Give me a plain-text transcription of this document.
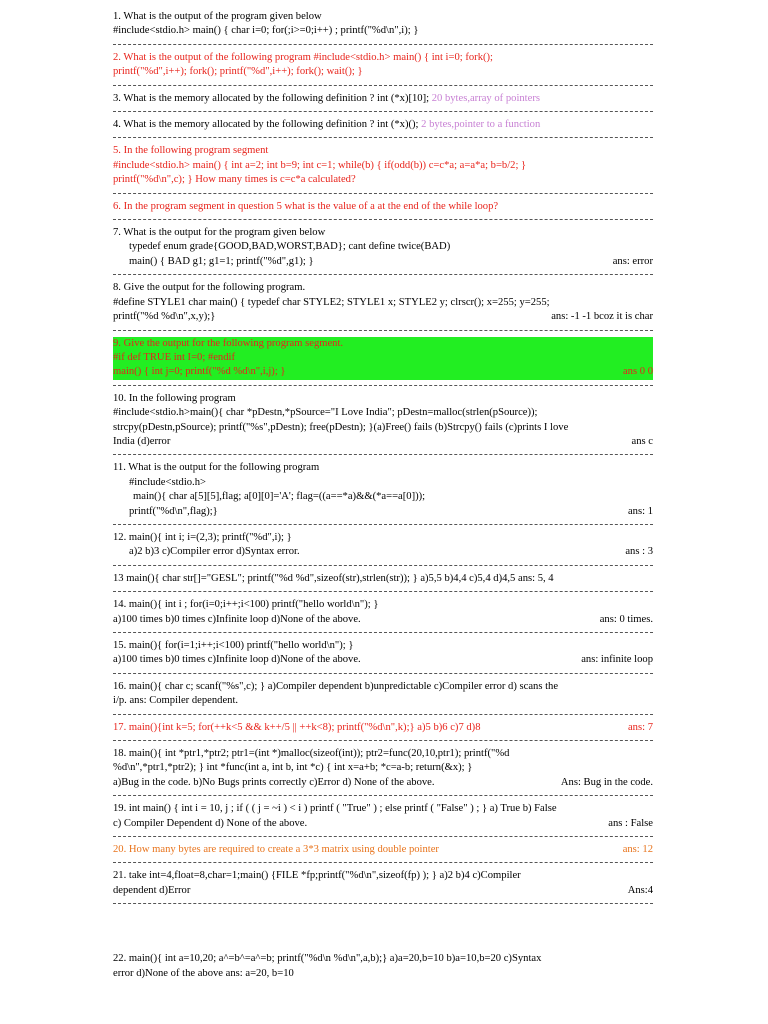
1. What is the output of the program given below
#include<stdio.h> main() { char i=0; for(;i>=0;i++) ; printf("%d\n",i); }
2. What is the output of the following program #include<stdio.h> main() { int i=0; fork();
printf("%d",i++); fork(); printf("%d",i++); fork(); wait(); }
3. What is the memory allocated by the following definition ? int (*x)[10]; 20 bytes,array of pointers
4. What is the memory allocated by the following definition ? int (*x)(); 2 bytes,pointer to a function
5. In the following program segment
#include<stdio.h> main() { int a=2; int b=9; int c=1; while(b) { if(odd(b)) c=c*a; a=a*a; b=b/2; }
printf("%d\n",c); } How many times is c=c*a calculated?
6. In the program segment in question 5 what is the value of a at the end of the while loop?
7. What is the output for the program given below
typedef enum grade{GOOD,BAD,WORST,BAD}; cant define twice(BAD)
main() { BAD g1; g1=1; printf("%d",g1); }	ans: error
8. Give the output for the following program.
#define STYLE1 char main() { typedef char STYLE2; STYLE1 x; STYLE2 y; clrscr(); x=255; y=255;
printf("%d %d\n",x,y);}	ans: -1 -1 bcoz it is char
9. Give the output for the following program segment.
#if def TRUE int I=0; #endif
main() { int j=0; printf("%d %d\n",i,j); }	ans 0 0
10. In the following program
#include<stdio.h>main(){ char *pDestn,*pSource="I Love India"; pDestn=malloc(strlen(pSource));
strcpy(pDestn,pSource); printf("%s",pDestn); free(pDestn); }(a)Free() fails (b)Strcpy() fails (c)prints I love
India (d)error	ans c
11. What is the output for the following program
#include<stdio.h>
main(){ char a[5][5],flag; a[0][0]='A'; flag=((a==*a)&&(*a==a[0]));
printf("%d\n",flag);}	ans: 1
12. main(){ int i; i=(2,3); printf("%d",i); }
a)2 b)3 c)Compiler error d)Syntax error.	ans : 3
13 main(){ char str[]="GESL"; printf("%d %d",sizeof(str),strlen(str)); } a)5,5 b)4,4 c)5,4 d)4,5 ans: 5, 4
14. main(){ int i ; for(i=0;i++;i<100) printf("hello world\n"); }
a)100 times b)0 times c)Infinite loop d)None of the above.	ans: 0 times.
15. main(){ for(i=1;i++;i<100) printf("hello world\n"); }
a)100 times b)0 times c)Infinite loop d)None of the above.	ans: infinite loop
16. main(){ char c; scanf("%s",c); } a)Compiler dependent b)unpredictable c)Compiler error d) scans the
i/p. ans: Compiler dependent.
17. main(){int k=5; for(++k<5 && k++/5 || ++k<8); printf("%d\n",k);} a)5 b)6 c)7 d)8	ans: 7
18. main(){ int *ptr1,*ptr2; ptr1=(int *)malloc(sizeof(int)); ptr2=func(20,10,ptr1); printf("%d
%d\n",*ptr1,*ptr2); } int *func(int a, int b, int *c) { int x=a+b; *c=a-b; return(&x); }
a)Bug in the code. b)No Bugs prints correctly c)Error d) None of the above.	Ans: Bug in the code.
19. int main() { int i = 10, j ; if ( ( j = ~i ) < i ) printf ( "True" ) ; else printf ( "False" ) ; } a) True b) False
c) Compiler Dependent d) None of the above.	ans : False
20. How many bytes are required to create a 3*3 matrix using double pointer	ans: 12
21. take int=4,float=8,char=1;main() {FILE *fp;printf("%d\n",sizeof(fp) ); } a)2 b)4 c)Compiler
dependent d)Error	Ans:4
22. main(){ int a=10,20; a^=b^=a^=b; printf("%d\n %d\n",a,b);} a)a=20,b=10 b)a=10,b=20 c)Syntax
error d)None of the above ans: a=20, b=10
